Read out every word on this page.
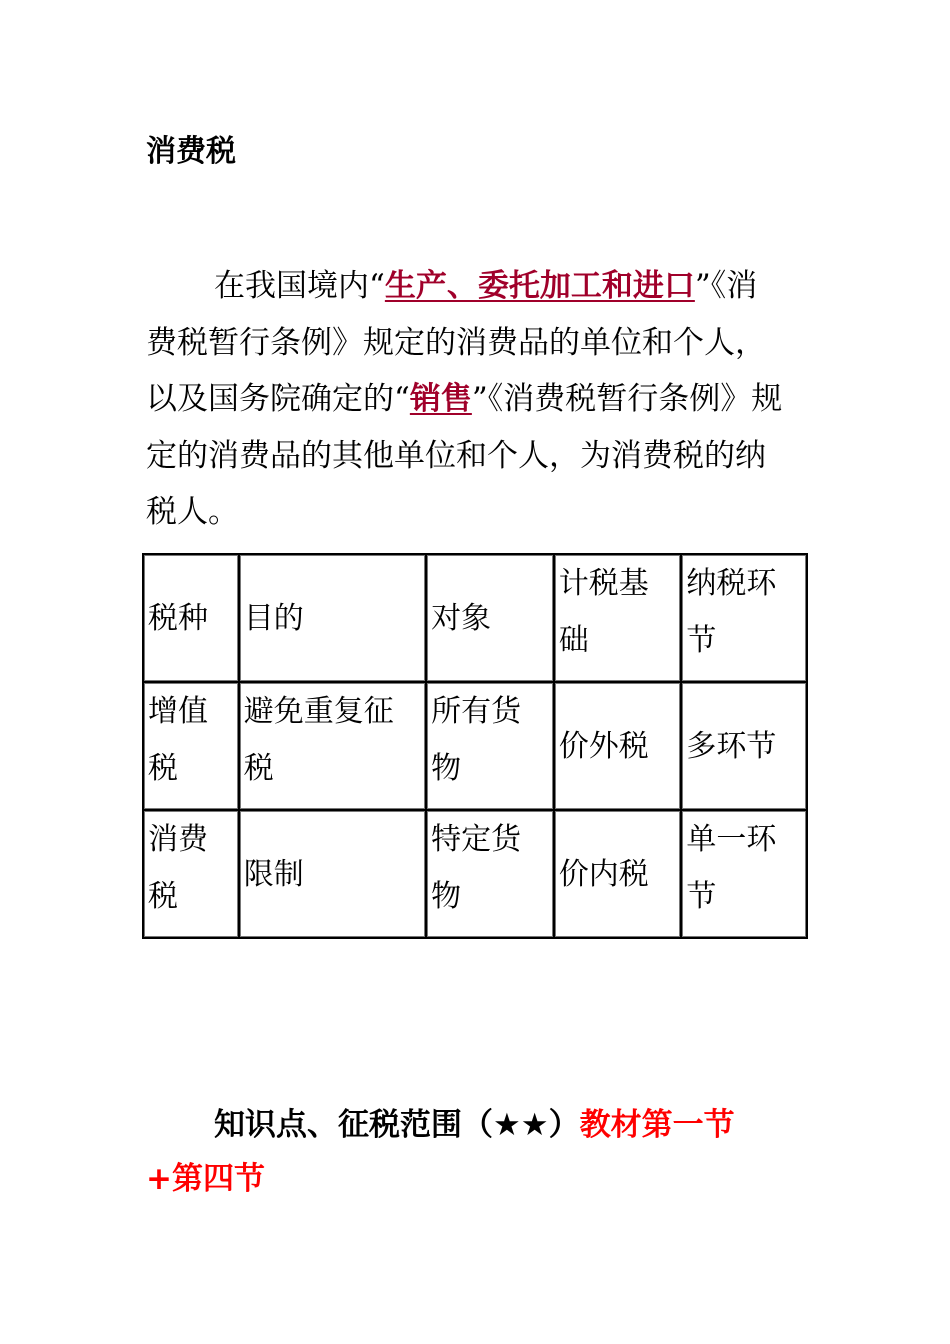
消费税

在我国境内“生产、委托加工和进口”《消费税暂行条例》规定的消费品的单位和个人，以及国务院确定的“销售”《消费税暂行条例》规定的消费品的其他单位和个人，为消费税的纳税人。

税种	目的	对象	计税基础	纳税环节
增值税	避免重复征税	所有货物	价外税	多环节
消费税	限制	特定货物	价内税	单一环节

知识点、征税范围（★★）教材第一节+第四节
